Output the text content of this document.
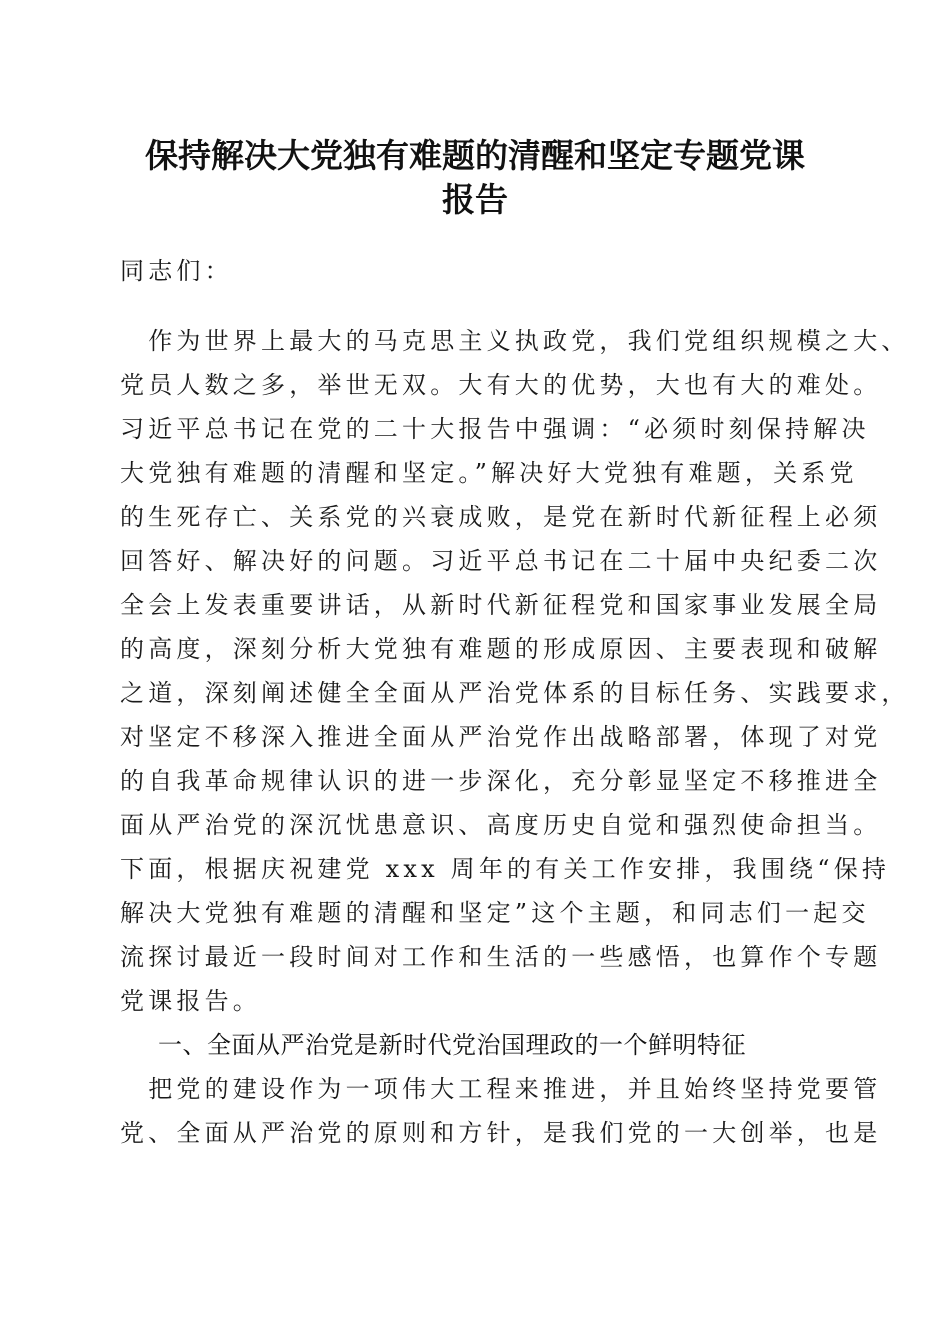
保持解决大党独有难题的清醒和坚定专题党课
报告
同志们：
　作为世界上最大的马克思主义执政党，我们党组织规模之大、
党员人数之多，举世无双。大有大的优势，大也有大的难处。
习近平总书记在党的二十大报告中强调：“必须时刻保持解决
大党独有难题的清醒和坚定。”解决好大党独有难题，关系党
的生死存亡、关系党的兴衰成败，是党在新时代新征程上必须
回答好、解决好的问题。习近平总书记在二十届中央纪委二次
全会上发表重要讲话，从新时代新征程党和国家事业发展全局
的高度，深刻分析大党独有难题的形成原因、主要表现和破解
之道，深刻阐述健全全面从严治党体系的目标任务、实践要求，
对坚定不移深入推进全面从严治党作出战略部署，体现了对党
的自我革命规律认识的进一步深化，充分彰显坚定不移推进全
面从严治党的深沉忧患意识、高度历史自觉和强烈使命担当。
下面，根据庆祝建党 xxx 周年的有关工作安排，我围绕“保持
解决大党独有难题的清醒和坚定”这个主题，和同志们一起交
流探讨最近一段时间对工作和生活的一些感悟，也算作个专题
党课报告。
一、全面从严治党是新时代党治国理政的一个鲜明特征
　把党的建设作为一项伟大工程来推进，并且始终坚持党要管
党、全面从严治党的原则和方针，是我们党的一大创举，也是
